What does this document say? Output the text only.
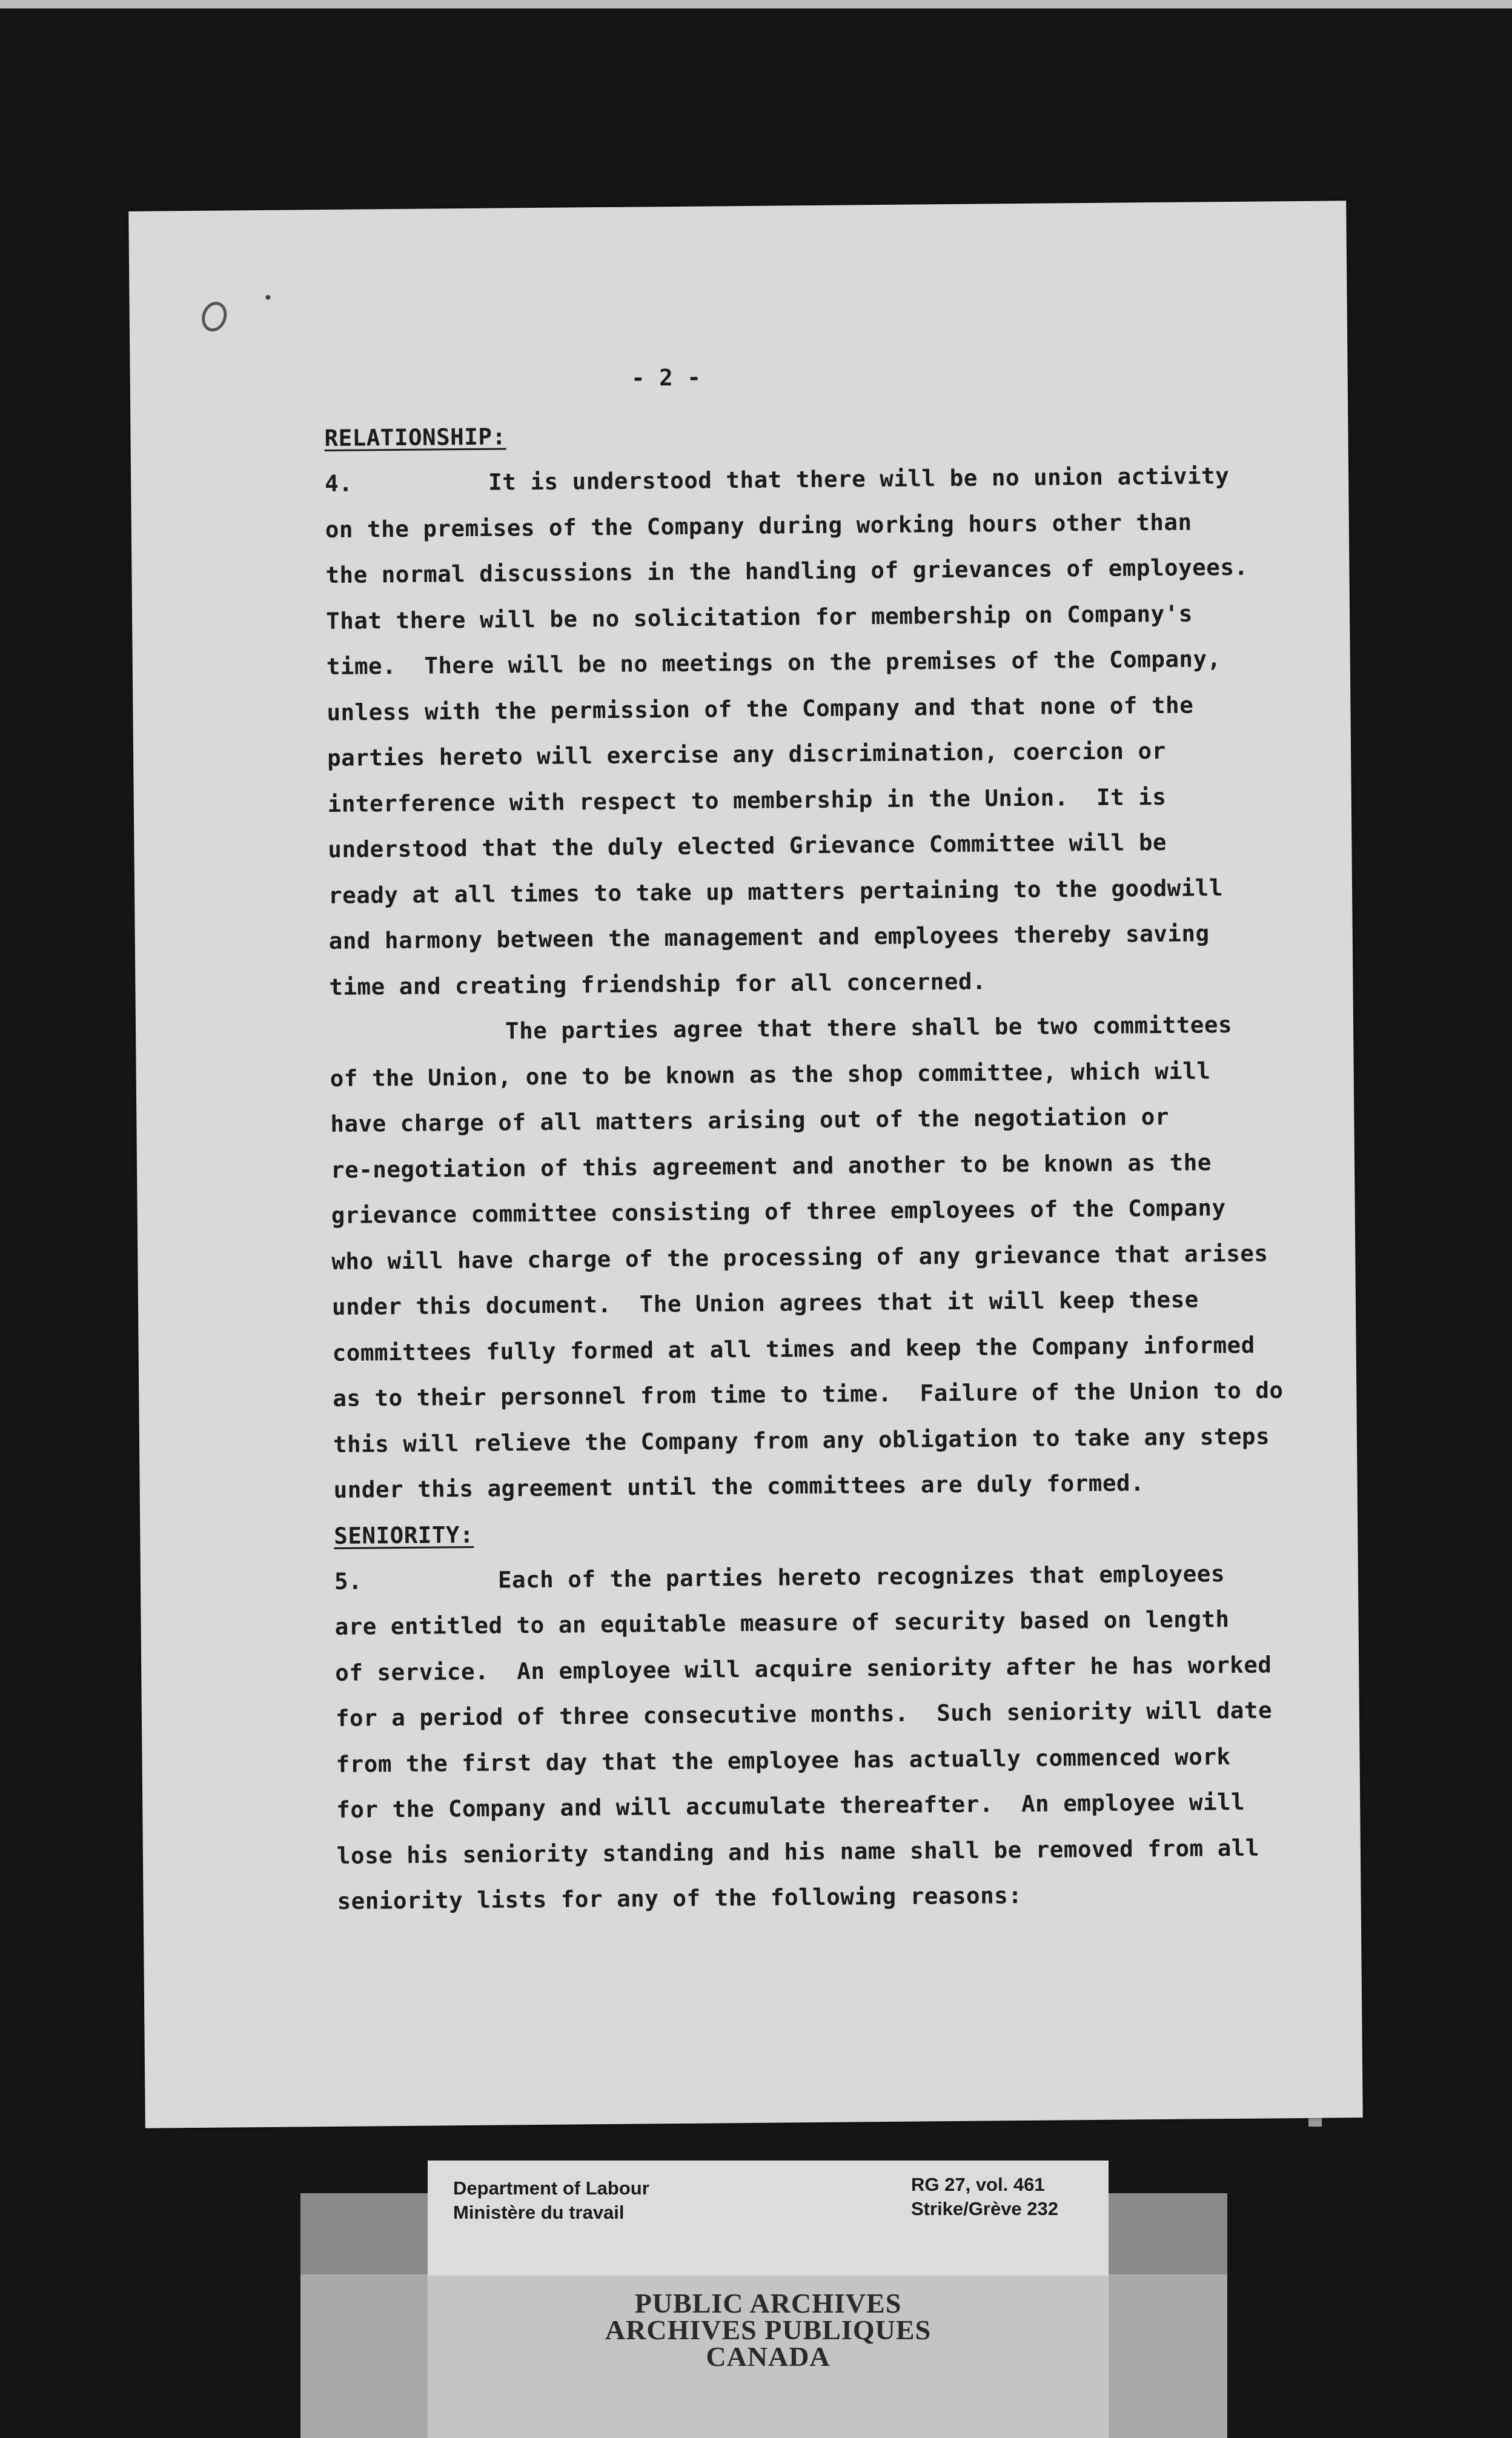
- 2 -
RELATIONSHIP:
4.	It is understood that there will be no union activity
on the premises of the Company during working hours other than
the normal discussions in the handling of grievances of employees.
That there will be no solicitation for membership on Company's
time.  There will be no meetings on the premises of the Company,
unless with the permission of the Company and that none of the
parties hereto will exercise any discrimination, coercion or
interference with respect to membership in the Union.  It is
understood that the duly elected Grievance Committee will be
ready at all times to take up matters pertaining to the goodwill
and harmony between the management and employees thereby saving
time and creating friendship for all concerned.
The parties agree that there shall be two committees
of the Union, one to be known as the shop committee, which will
have charge of all matters arising out of the negotiation or
re-negotiation of this agreement and another to be known as the
grievance committee consisting of three employees of the Company
who will have charge of the processing of any grievance that arises
under this document.  The Union agrees that it will keep these
committees fully formed at all times and keep the Company informed
as to their personnel from time to time.  Failure of the Union to do
this will relieve the Company from any obligation to take any steps
under this agreement until the committees are duly formed.
SENIORITY:
5.	Each of the parties hereto recognizes that employees
are entitled to an equitable measure of security based on length
of service.  An employee will acquire seniority after he has worked
for a period of three consecutive months.  Such seniority will date
from the first day that the employee has actually commenced work
for the Company and will accumulate thereafter.  An employee will
lose his seniority standing and his name shall be removed from all
seniority lists for any of the following reasons:
PUBLIC ARCHIVES
ARCHIVES PUBLIQUES
CANADA
Department of Labour
Ministère du travail
RG 27, vol. 461
Strike/Grève 232
